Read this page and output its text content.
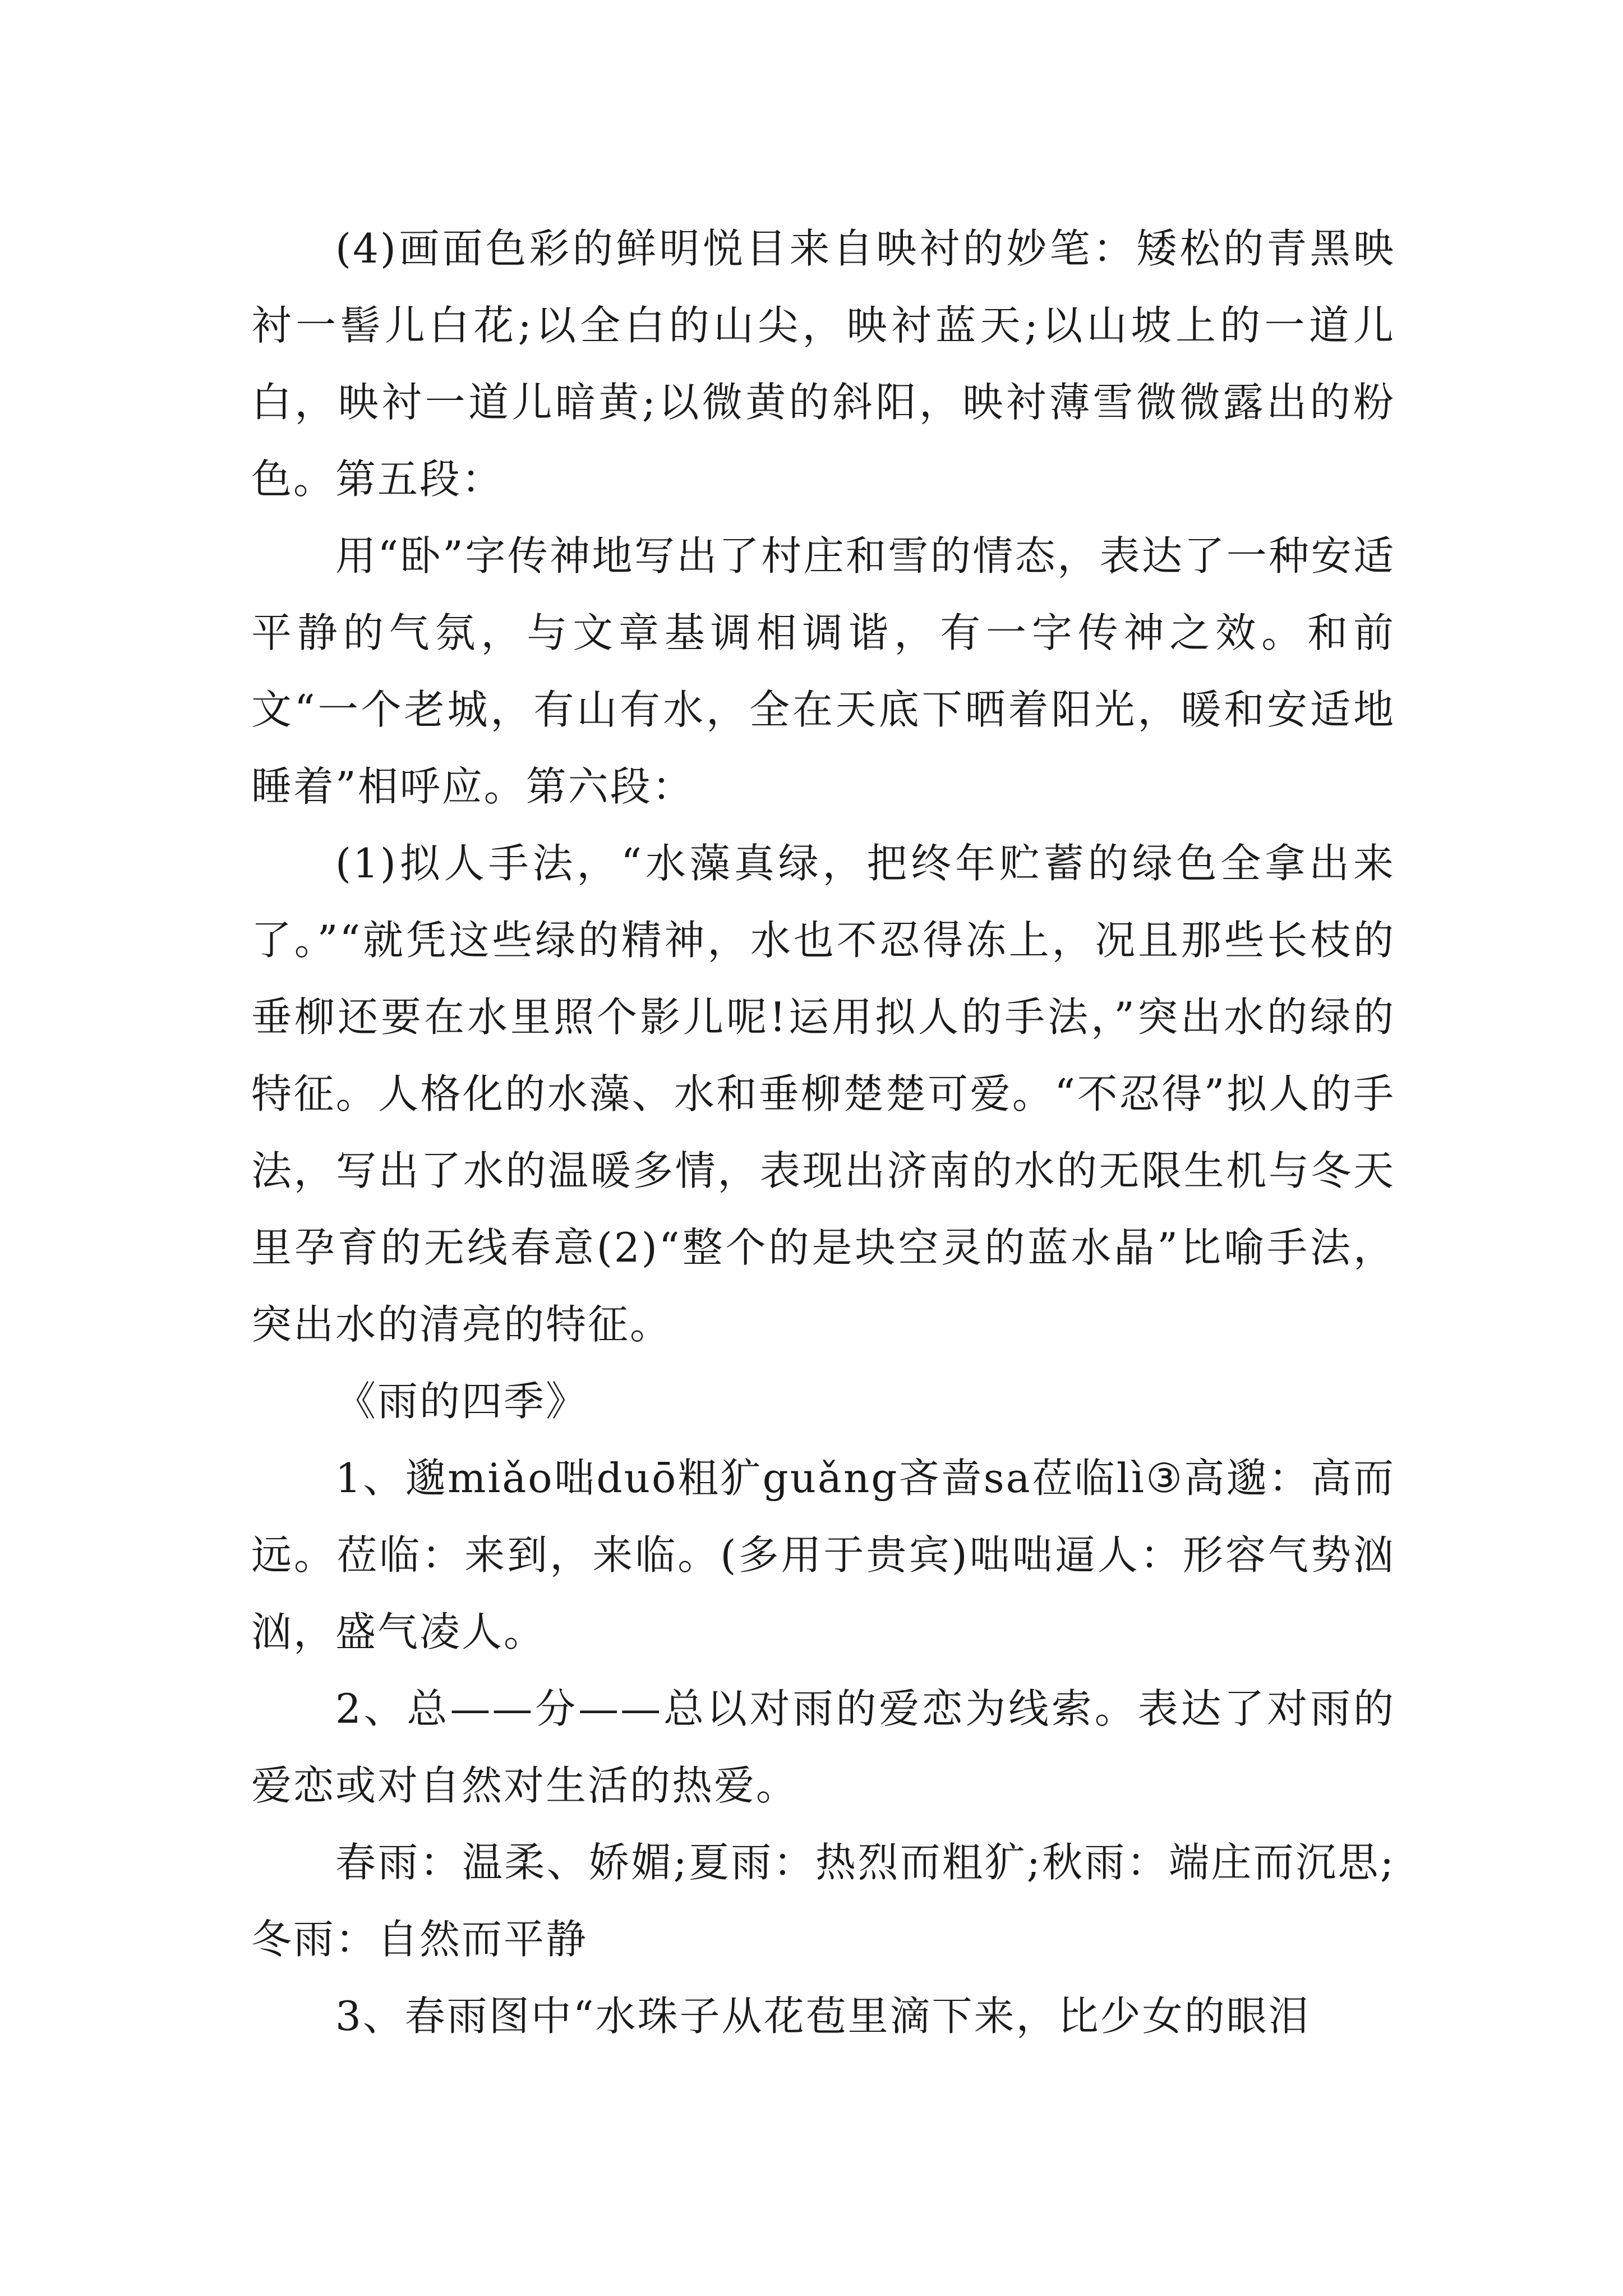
(4)画面色彩的鲜明悦目来自映衬的妙笔：矮松的青黑映衬一髻儿白花;以全白的山尖，映衬蓝天;以山坡上的一道儿白，映衬一道儿暗黄;以微黄的斜阳，映衬薄雪微微露出的粉色。第五段：

用“卧”字传神地写出了村庄和雪的情态，表达了一种安适平静的气氛，与文章基调相调谐，有一字传神之效。和前文“一个老城，有山有水，全在天底下晒着阳光，暖和安适地睡着”相呼应。第六段：

(1)拟人手法，“水藻真绿，把终年贮蓄的绿色全拿出来了。”“就凭这些绿的精神，水也不忍得冻上，况且那些长枝的垂柳还要在水里照个影儿呢!运用拟人的手法，”突出水的绿的特征。人格化的水藻、水和垂柳楚楚可爱。“不忍得”拟人的手法，写出了水的温暖多情，表现出济南的水的无限生机与冬天里孕育的无线春意(2)“整个的是块空灵的蓝水晶”比喻手法，突出水的清亮的特征。

《雨的四季》

1、邈miǎo咄duō粗犷guǎng吝啬sa莅临lì③高邈：高而远。莅临：来到，来临。(多用于贵宾)咄咄逼人：形容气势汹汹，盛气凌人。

2、总——分——总以对雨的爱恋为线索。表达了对雨的爱恋或对自然对生活的热爱。

春雨：温柔、娇媚;夏雨：热烈而粗犷;秋雨：端庄而沉思;冬雨：自然而平静

3、春雨图中“水珠子从花苞里滴下来，比少女的眼泪
